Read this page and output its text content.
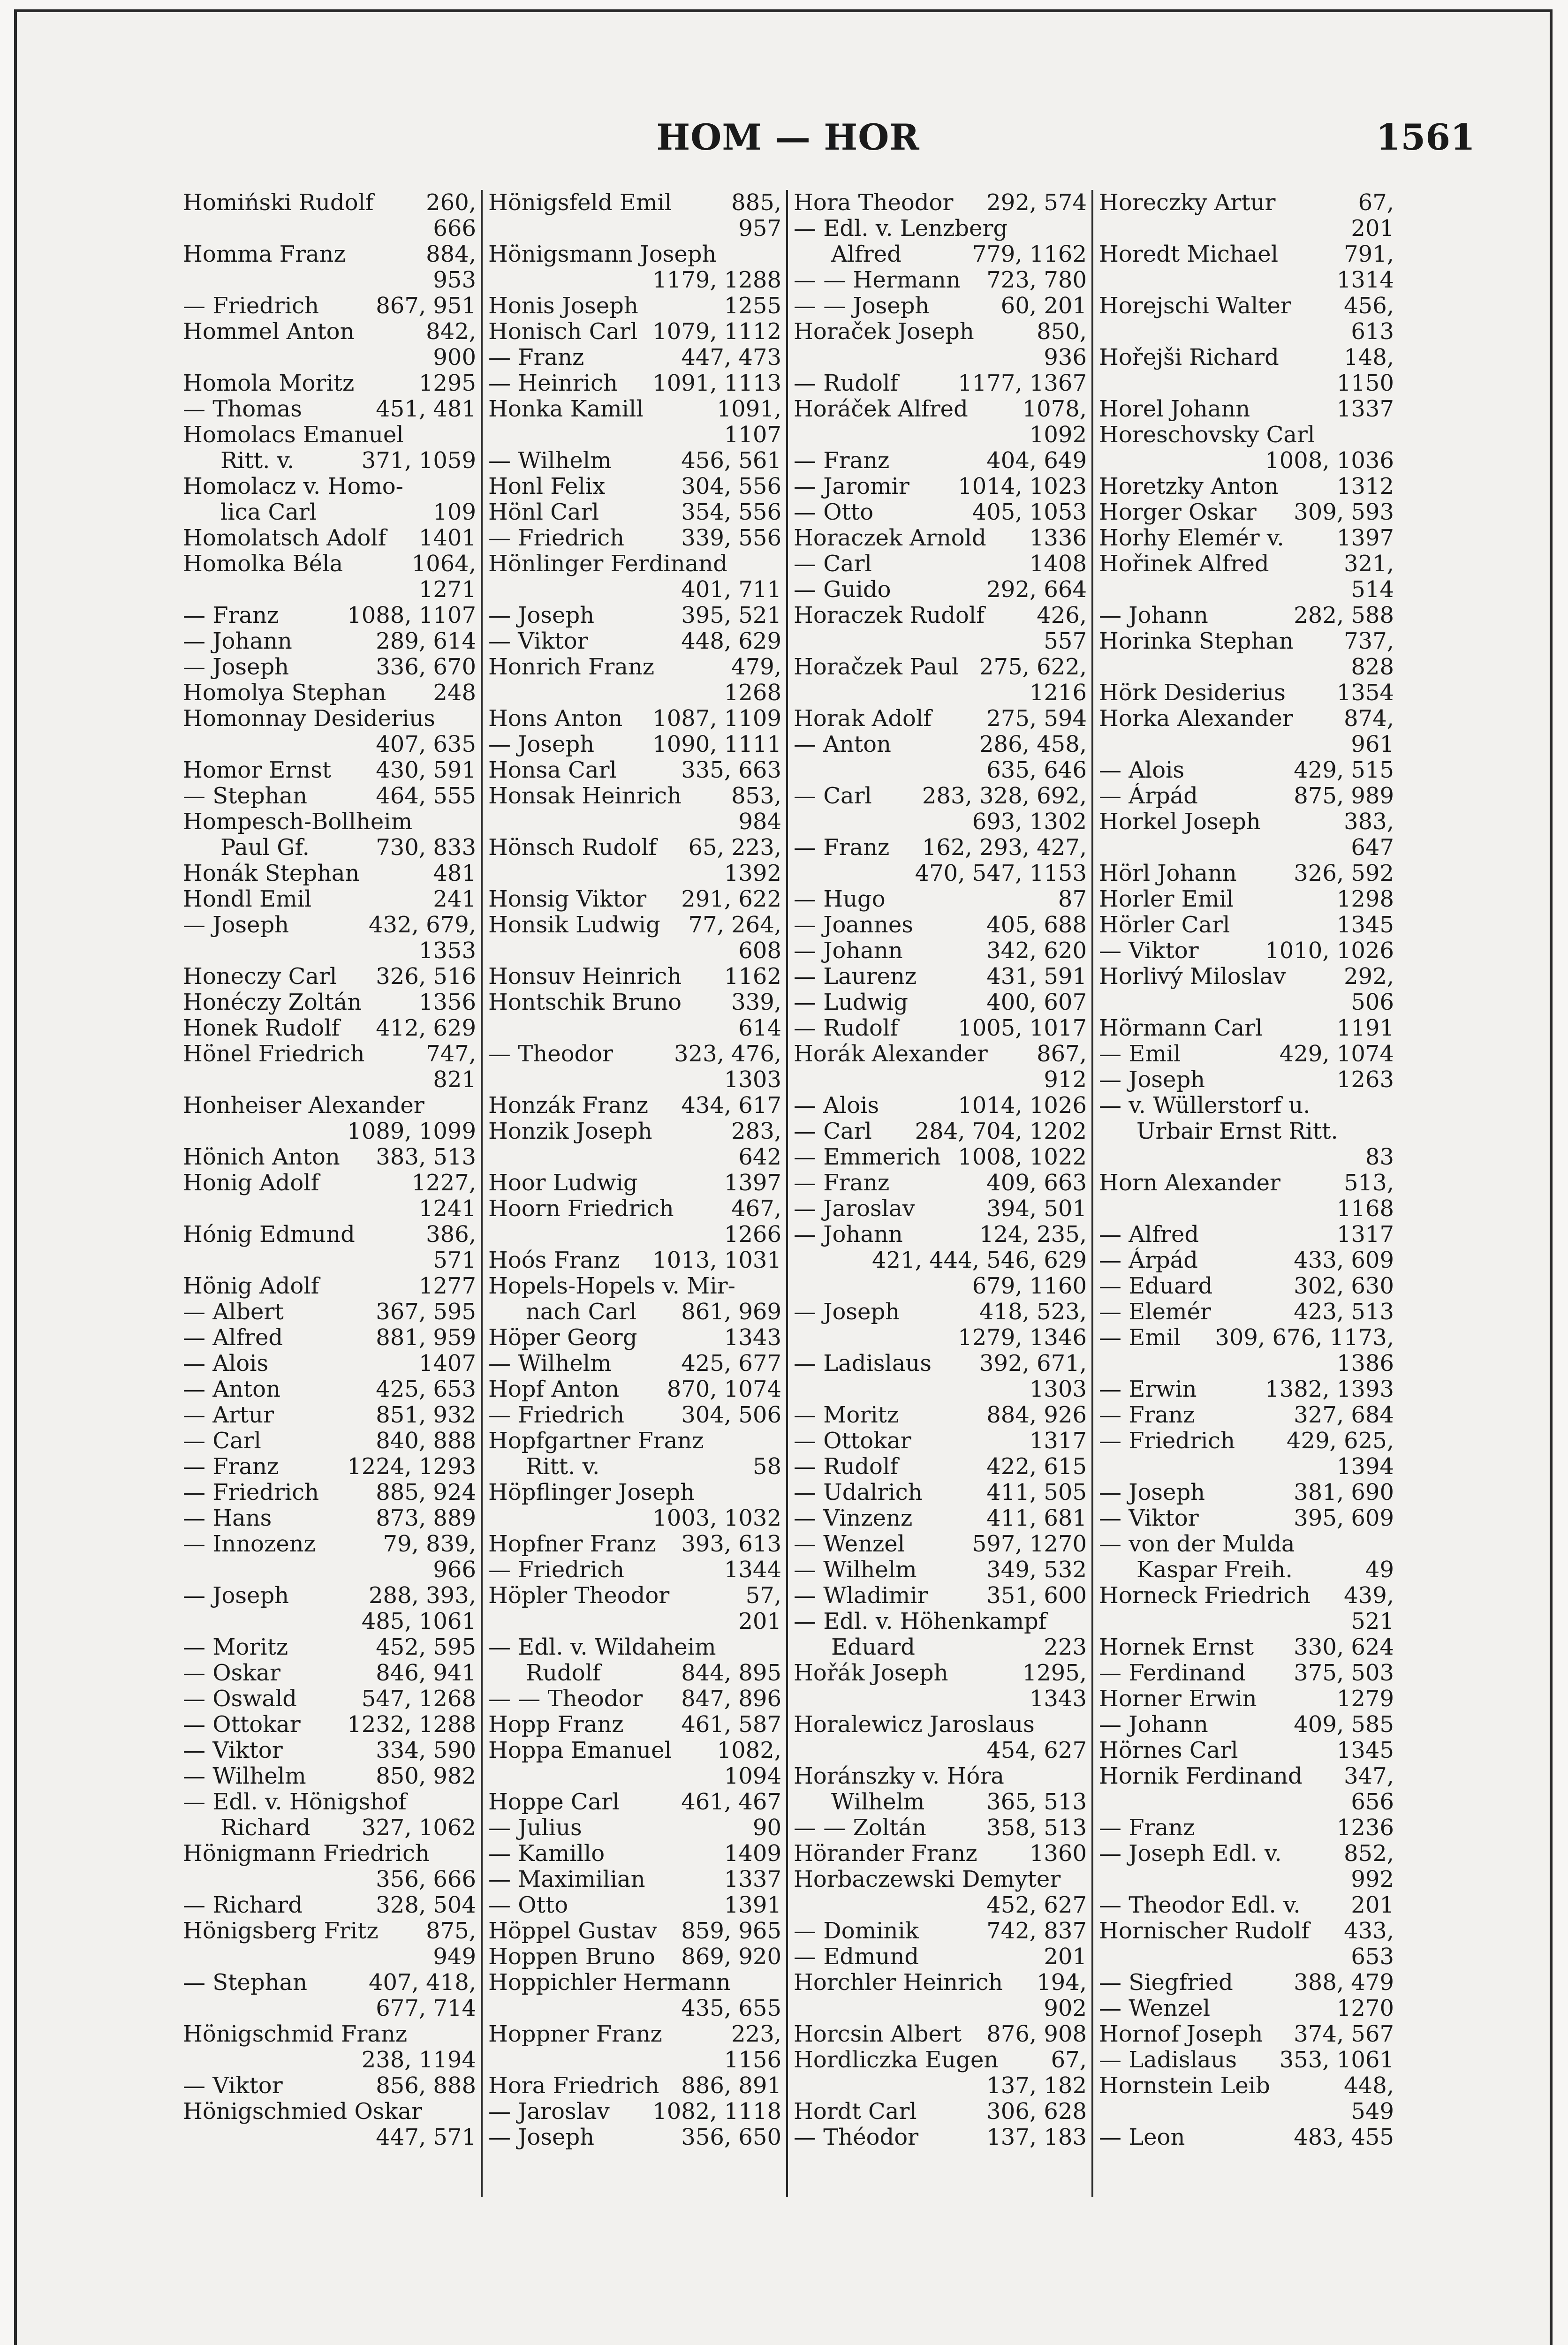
HOM — HOR	1561
Homiński Rudolf	260,
666
Homma Franz	884,
953
— Friedrich	867, 951
Hommel Anton	842,
900
Homola Moritz	1295
— Thomas	451, 481
Homolacs Emanuel
Ritt. v.	371, 1059
Homolacz v. Homo-
lica Carl	109
Homolatsch Adolf	1401
Homolka Béla	1064,
1271
— Franz	1088, 1107
— Johann	289, 614
— Joseph	336, 670
Homolya Stephan	248
Homonnay Desiderius
407, 635
Homor Ernst	430, 591
— Stephan	464, 555
Hompesch-Bollheim
Paul Gf.	730, 833
Honák Stephan	481
Hondl Emil	241
— Joseph	432, 679,
1353
Honeczy Carl	326, 516
Honéczy Zoltán	1356
Honek Rudolf	412, 629
Hönel Friedrich	747,
821
Honheiser Alexander
1089, 1099
Hönich Anton	383, 513
Honig Adolf	1227,
1241
Hónig Edmund	386,
571
Hönig Adolf	1277
— Albert	367, 595
— Alfred	881, 959
— Alois	1407
— Anton	425, 653
— Artur	851, 932
— Carl	840, 888
— Franz	1224, 1293
— Friedrich	885, 924
— Hans	873, 889
— Innozenz	79, 839,
966
— Joseph	288, 393,
485, 1061
— Moritz	452, 595
— Oskar	846, 941
— Oswald	547, 1268
— Ottokar	1232, 1288
— Viktor	334, 590
— Wilhelm	850, 982
— Edl. v. Hönigshof
Richard	327, 1062
Hönigmann Friedrich
356, 666
— Richard	328, 504
Hönigsberg Fritz	875,
949
— Stephan	407, 418,
677, 714
Hönigschmid Franz
238, 1194
— Viktor	856, 888
Hönigschmied Oskar
447, 571
Hönigsfeld Emil	885,
957
Hönigsmann Joseph
1179, 1288
Honis Joseph	1255
Honisch Carl 1079, 1112
— Franz	447, 473
— Heinrich	1091, 1113
Honka Kamill	1091,
1107
— Wilhelm	456, 561
Honl Felix	304, 556
Hönl Carl	354, 556
— Friedrich	339, 556
Hönlinger Ferdinand
401, 711
— Joseph	395, 521
— Viktor	448, 629
Honrich Franz	479,
1268
Hons Anton	1087, 1109
— Joseph	1090, 1111
Honsa Carl	335, 663
Honsak Heinrich	853,
984
Hönsch Rudolf	65, 223,
1392
Honsig Viktor	291, 622
Honsik Ludwig	77, 264,
608
Honsuv Heinrich	1162
Hontschik Bruno	339,
614
— Theodor	323, 476,
1303
Honzák Franz	434, 617
Honzik Joseph	283,
642
Hoor Ludwig	1397
Hoorn Friedrich	467,
1266
Hoós Franz	1013, 1031
Hopels-Hopels v. Mir-
nach Carl	861, 969
Höper Georg	1343
— Wilhelm	425, 677
Hopf Anton	870, 1074
— Friedrich	304, 506
Hopfgartner Franz
Ritt. v.	58
Höpflinger Joseph
1003, 1032
Hopfner Franz	393, 613
— Friedrich	1344
Höpler Theodor	57,
201
— Edl. v. Wildaheim
Rudolf	844, 895
— — Theodor	847, 896
Hopp Franz	461, 587
Hoppa Emanuel	1082,
1094
Hoppe Carl	461, 467
— Julius	90
— Kamillo	1409
— Maximilian	1337
— Otto	1391
Höppel Gustav	859, 965
Hoppen Bruno	869, 920
Hoppichler Hermann
435, 655
Hoppner Franz	223,
1156
Hora Friedrich 886, 891
— Jaroslav	1082, 1118
— Joseph	356, 650
Hora Theodor	292, 574
— Edl. v. Lenzberg
Alfred	779, 1162
— — Hermann	723, 780
— — Joseph	60, 201
Horaček Joseph	850,
936
— Rudolf	1177, 1367
Horáček Alfred	1078,
1092
— Franz	404, 649
— Jaromir	1014, 1023
— Otto	405, 1053
Horaczek Arnold	1336
— Carl	1408
— Guido	292, 664
Horaczek Rudolf	426,
557
Horačzek Paul 275, 622,
1216
Horak Adolf	275, 594
— Anton	286, 458,
635, 646
— Carl	283, 328, 692,
693, 1302
— Franz	162, 293, 427,
470, 547, 1153
— Hugo	87
— Joannes	405, 688
— Johann	342, 620
— Laurenz	431, 591
— Ludwig	400, 607
— Rudolf	1005, 1017
Horák Alexander	867,
912
— Alois	1014, 1026
— Carl	284, 704, 1202
— Emmerich 1008, 1022
— Franz	409, 663
— Jaroslav	394, 501
— Johann	124, 235,
421, 444, 546, 629
679, 1160
— Joseph	418, 523,
1279, 1346
— Ladislaus	392, 671,
1303
— Moritz	884, 926
— Ottokar	1317
— Rudolf	422, 615
— Udalrich	411, 505
— Vinzenz	411, 681
— Wenzel	597, 1270
— Wilhelm	349, 532
— Wladimir	351, 600
— Edl. v. Höhenkampf
Eduard	223
Hořák Joseph	1295,
1343
Horalewicz Jaroslaus
454, 627
Horánszky v. Hóra
Wilhelm	365, 513
— — Zoltán	358, 513
Hörander Franz	1360
Horbaczewski Demyter
452, 627
— Dominik	742, 837
— Edmund	201
Horchler Heinrich	194,
902
Horcsin Albert	876, 908
Hordliczka Eugen	67,
137, 182
Hordt Carl	306, 628
— Théodor	137, 183
Horeczky Artur	67,
201
Horedt Michael	791,
1314
Horejschi Walter	456,
613
Hořejši Richard	148,
1150
Horel Johann	1337
Horeschovsky Carl
1008, 1036
Horetzky Anton	1312
Horger Oskar	309, 593
Horhy Elemér v.	1397
Hořinek Alfred	321,
514
— Johann	282, 588
Horinka Stephan	737,
828
Hörk Desiderius	1354
Horka Alexander	874,
961
— Alois	429, 515
— Árpád	875, 989
Horkel Joseph	383,
647
Hörl Johann	326, 592
Horler Emil	1298
Hörler Carl	1345
— Viktor	1010, 1026
Horlivý Miloslav	292,
506
Hörmann Carl	1191
— Emil	429, 1074
— Joseph	1263
— v. Wüllerstorf u.
Urbair Ernst Ritt.
83
Horn Alexander	513,
1168
— Alfred	1317
— Árpád	433, 609
— Eduard	302, 630
— Elemér	423, 513
— Emil	309, 676, 1173,
1386
— Erwin	1382, 1393
— Franz	327, 684
— Friedrich	429, 625,
1394
— Joseph	381, 690
— Viktor	395, 609
— von der Mulda
Kaspar Freih.	49
Horneck Friedrich	439,
521
Hornek Ernst	330, 624
— Ferdinand	375, 503
Horner Erwin	1279
— Johann	409, 585
Hörnes Carl	1345
Hornik Ferdinand	347,
656
— Franz	1236
— Joseph Edl. v.	852,
992
— Theodor Edl. v.	201
Hornischer Rudolf	433,
653
— Siegfried	388, 479
— Wenzel	1270
Hornof Joseph	374, 567
— Ladislaus	353, 1061
Hornstein Leib	448,
549
— Leon	483, 455
